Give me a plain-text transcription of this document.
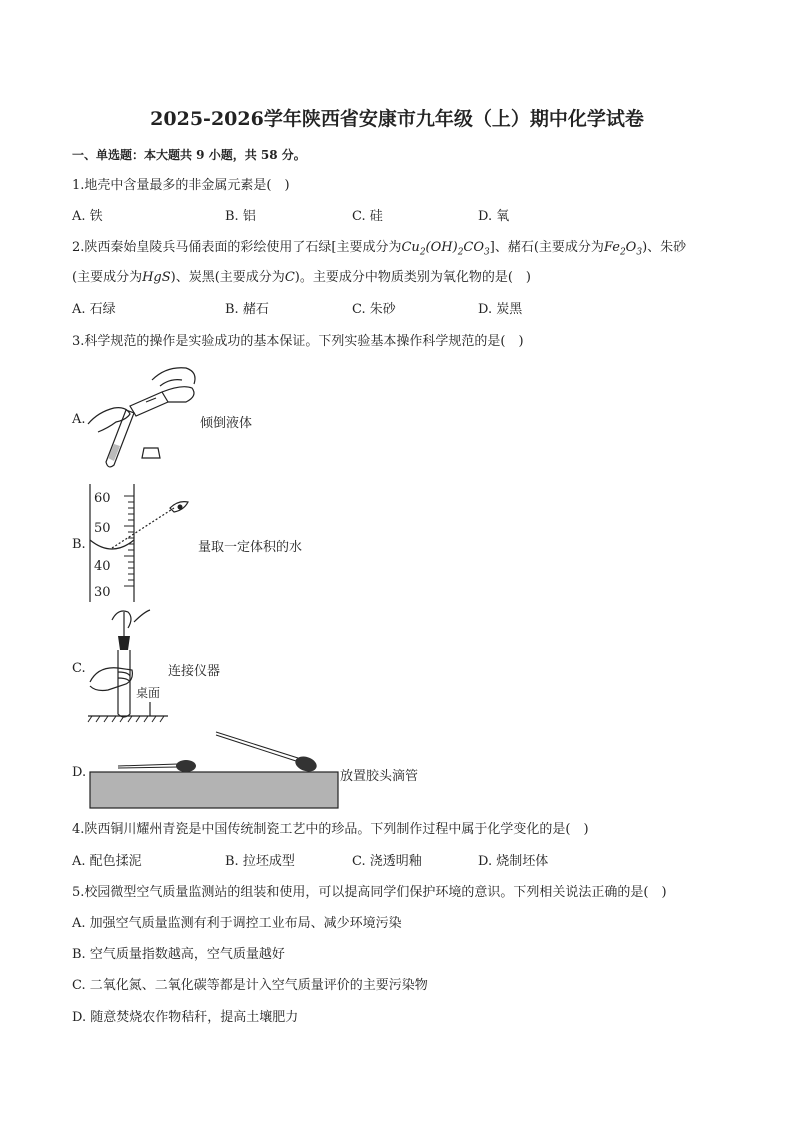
2025-2026学年陕西省安康市九年级（上）期中化学试卷
一、单选题：本大题共 9 小题，共 58 分。
1.地壳中含量最多的非金属元素是(　)
A. 铁	B. 铝	C. 硅	D. 氧
2.陕西秦始皇陵兵马俑表面的彩绘使用了石绿[主要成分为$Cu_2(OH)_2CO_3$]、赭石(主要成分为$Fe_2O_3$)、朱砂
(主要成分为HgS)、炭黑(主要成分为C)。主要成分中物质类别为氧化物的是(　)
A. 石绿	B. 赭石	C. 朱砂	D. 炭黑
3.科学规范的操作是实验成功的基本保证。下列实验基本操作科学规范的是(　)
A.	倾倒液体
B.
60
50
40
30
量取一定体积的水
C.
桌面
连接仪器
D.	放置胶头滴管
4.陕西铜川耀州青瓷是中国传统制瓷工艺中的珍品。下列制作过程中属于化学变化的是(　)
A. 配色揉泥	B. 拉坯成型	C. 浇透明釉	D. 烧制坯体
5.校园微型空气质量监测站的组装和使用，可以提高同学们保护环境的意识。下列相关说法正确的是(　)
A. 加强空气质量监测有利于调控工业布局、减少环境污染
B. 空气质量指数越高，空气质量越好
C. 二氧化氮、二氧化碳等都是计入空气质量评价的主要污染物
D. 随意焚烧农作物秸秆，提高土壤肥力
